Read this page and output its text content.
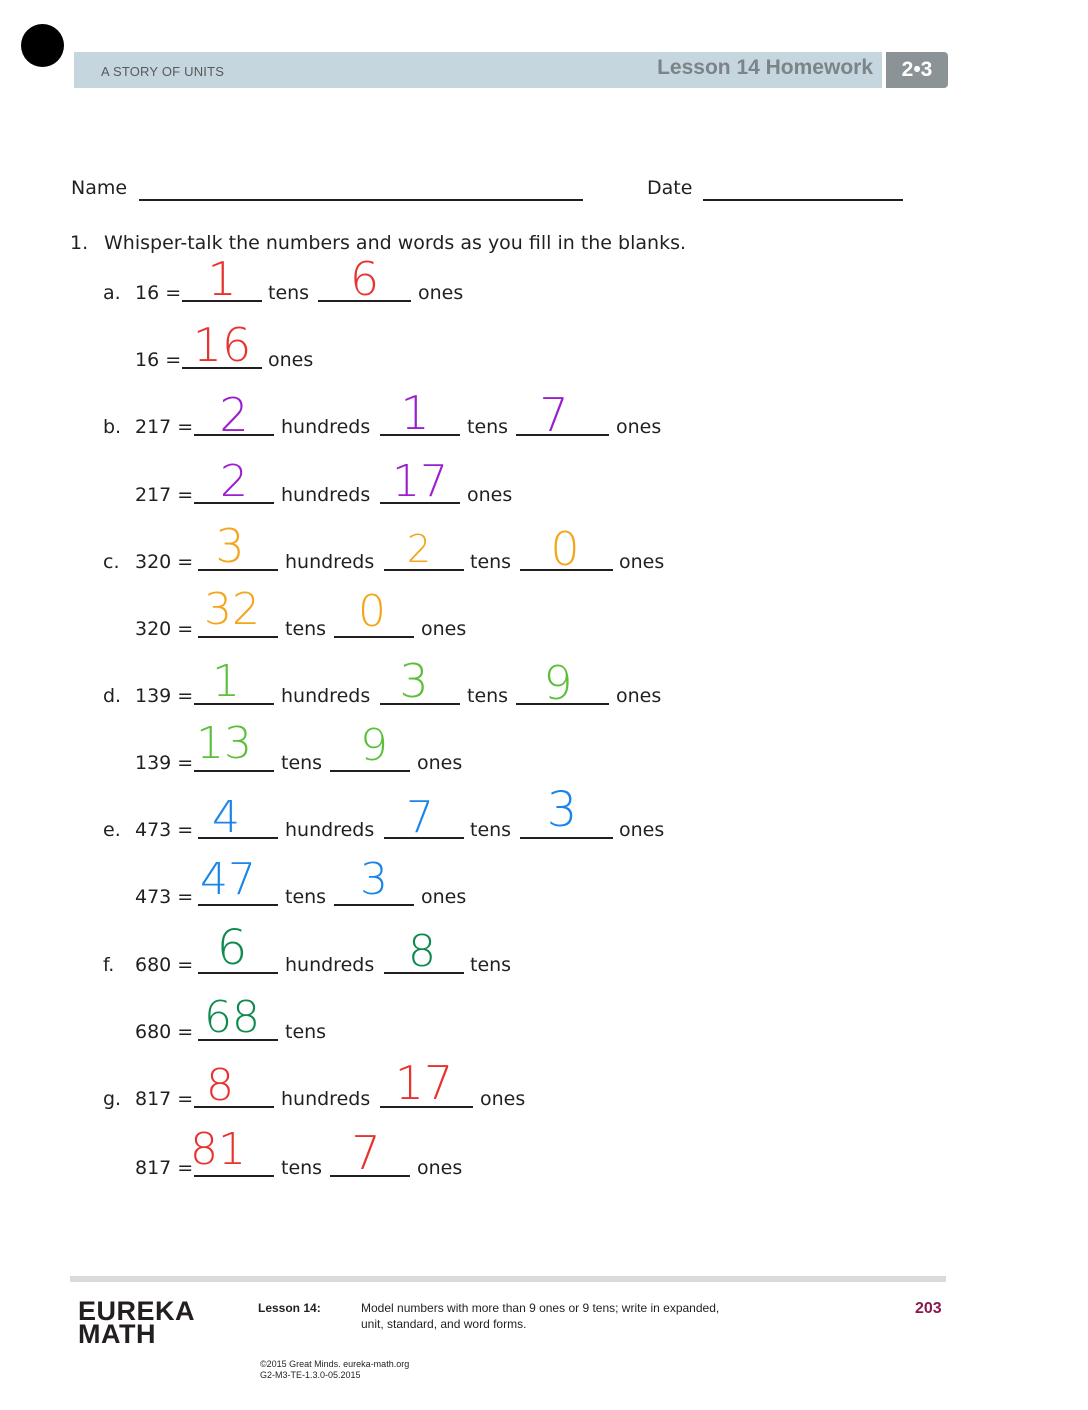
A STORY OF UNITS	Lesson 14 Homework	2•3
Name	Date
1. Whisper-talk the numbers and words as you fill in the blanks.
a. 16 = 1	tens 6	ones
16 = 16 ones
b. 217 = 2	hundreds 1	tens 7	ones
217 = 2	hundreds 17	ones
c. 320 = 3	hundreds 2	tens 0	ones
320 = 32	tens 0	ones
d. 139 = 1	hundreds 3	tens 9	ones
139 = 13	tens 9	ones
e. 473 = 4	hundreds 7	tens 3	ones
473 = 47	tens 3	ones
f. 680 = 6	hundreds 8	tens
680 = 68	tens
g. 817 = 8	hundreds 17	ones
817 =
81	tens 7	ones
EUREKA
MATH
Lesson 14:	Model numbers with more than 9 ones or 9 tens; write in expanded,
unit, standard, and word forms.
203
©2015 Great Minds. eureka-math.org
G2-M3-TE-1.3.0-05.2015
